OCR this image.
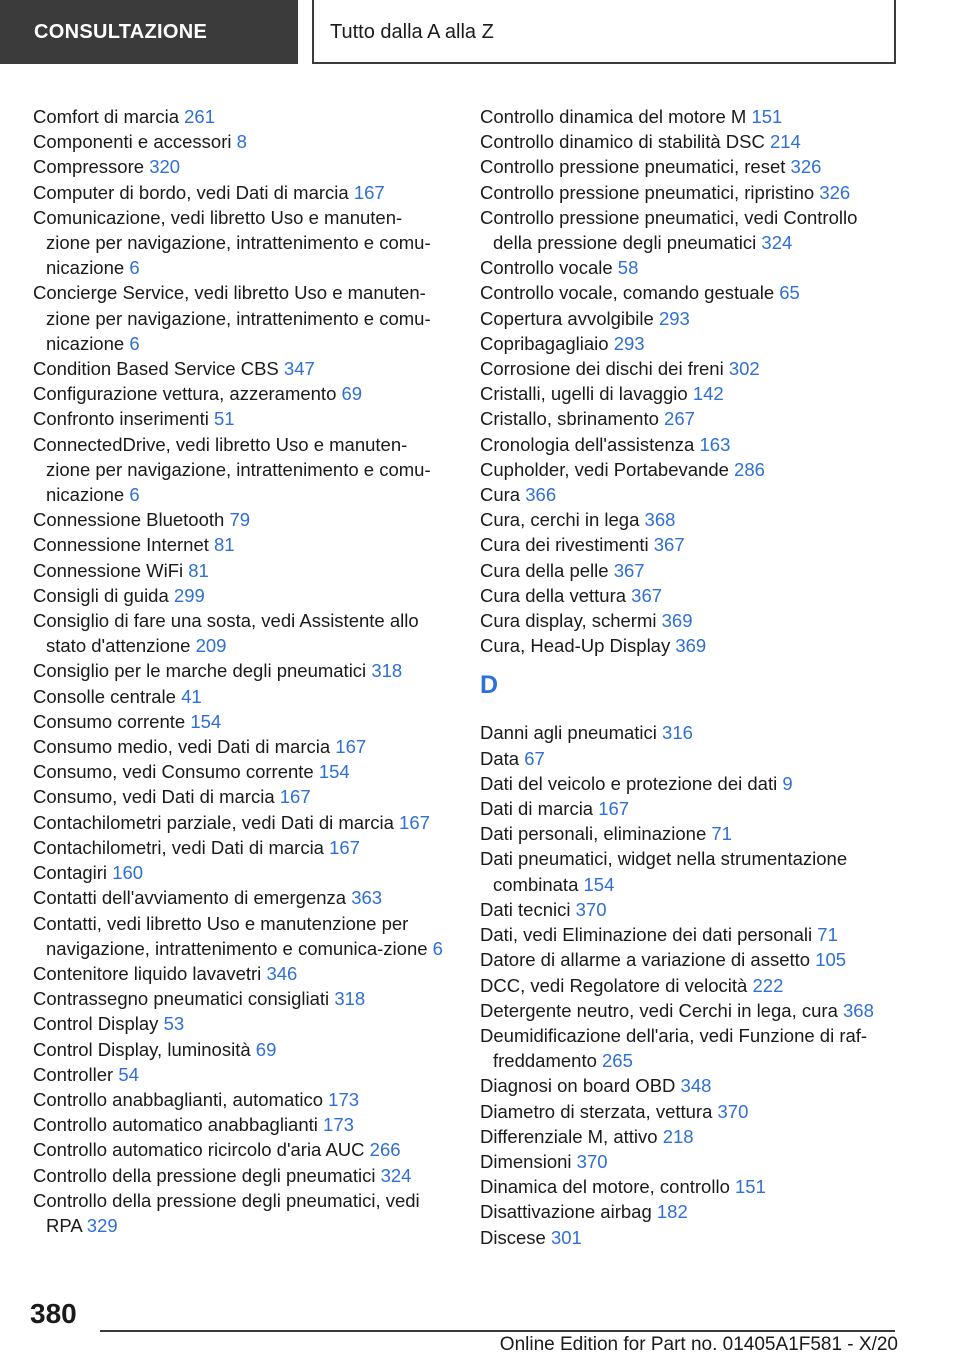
CONSULTAZIONE	Tutto dalla A alla Z
Comfort di marcia 261
Componenti e accessori 8
Compressore 320
Computer di bordo, vedi Dati di marcia 167
Comunicazione, vedi libretto Uso e manuten-zione per navigazione, intrattenimento e comu-nicazione 6
Concierge Service, vedi libretto Uso e manuten-zione per navigazione, intrattenimento e comu-nicazione 6
Condition Based Service CBS 347
Configurazione vettura, azzeramento 69
Confronto inserimenti 51
ConnectedDrive, vedi libretto Uso e manuten-zione per navigazione, intrattenimento e comu-nicazione 6
Connessione Bluetooth 79
Connessione Internet 81
Connessione WiFi 81
Consigli di guida 299
Consiglio di fare una sosta, vedi Assistente allo stato d'attenzione 209
Consiglio per le marche degli pneumatici 318
Consolle centrale 41
Consumo corrente 154
Consumo medio, vedi Dati di marcia 167
Consumo, vedi Consumo corrente 154
Consumo, vedi Dati di marcia 167
Contachilometri parziale, vedi Dati di marcia 167
Contachilometri, vedi Dati di marcia 167
Contagiri 160
Contatti dell'avviamento di emergenza 363
Contatti, vedi libretto Uso e manutenzione per navigazione, intrattenimento e comunica-zione 6
Contenitore liquido lavavetri 346
Contrassegno pneumatici consigliati 318
Control Display 53
Control Display, luminosità 69
Controller 54
Controllo anabbaglianti, automatico 173
Controllo automatico anabbaglianti 173
Controllo automatico ricircolo d'aria AUC 266
Controllo della pressione degli pneumatici 324
Controllo della pressione degli pneumatici, vedi RPA 329
Controllo dinamica del motore M 151
Controllo dinamico di stabilità DSC 214
Controllo pressione pneumatici, reset 326
Controllo pressione pneumatici, ripristino 326
Controllo pressione pneumatici, vedi Controllo della pressione degli pneumatici 324
Controllo vocale 58
Controllo vocale, comando gestuale 65
Copertura avvolgibile 293
Copribagagliaio 293
Corrosione dei dischi dei freni 302
Cristalli, ugelli di lavaggio 142
Cristallo, sbrinamento 267
Cronologia dell'assistenza 163
Cupholder, vedi Portabevande 286
Cura 366
Cura, cerchi in lega 368
Cura dei rivestimenti 367
Cura della pelle 367
Cura della vettura 367
Cura display, schermi 369
Cura, Head-Up Display 369
D
Danni agli pneumatici 316
Data 67
Dati del veicolo e protezione dei dati 9
Dati di marcia 167
Dati personali, eliminazione 71
Dati pneumatici, widget nella strumentazione combinata 154
Dati tecnici 370
Dati, vedi Eliminazione dei dati personali 71
Datore di allarme a variazione di assetto 105
DCC, vedi Regolatore di velocità 222
Detergente neutro, vedi Cerchi in lega, cura 368
Deumidificazione dell'aria, vedi Funzione di raf-freddamento 265
Diagnosi on board OBD 348
Diametro di sterzata, vettura 370
Differenziale M, attivo 218
Dimensioni 370
Dinamica del motore, controllo 151
Disattivazione airbag 182
Discese 301
380
Online Edition for Part no. 01405A1F581 - X/20
